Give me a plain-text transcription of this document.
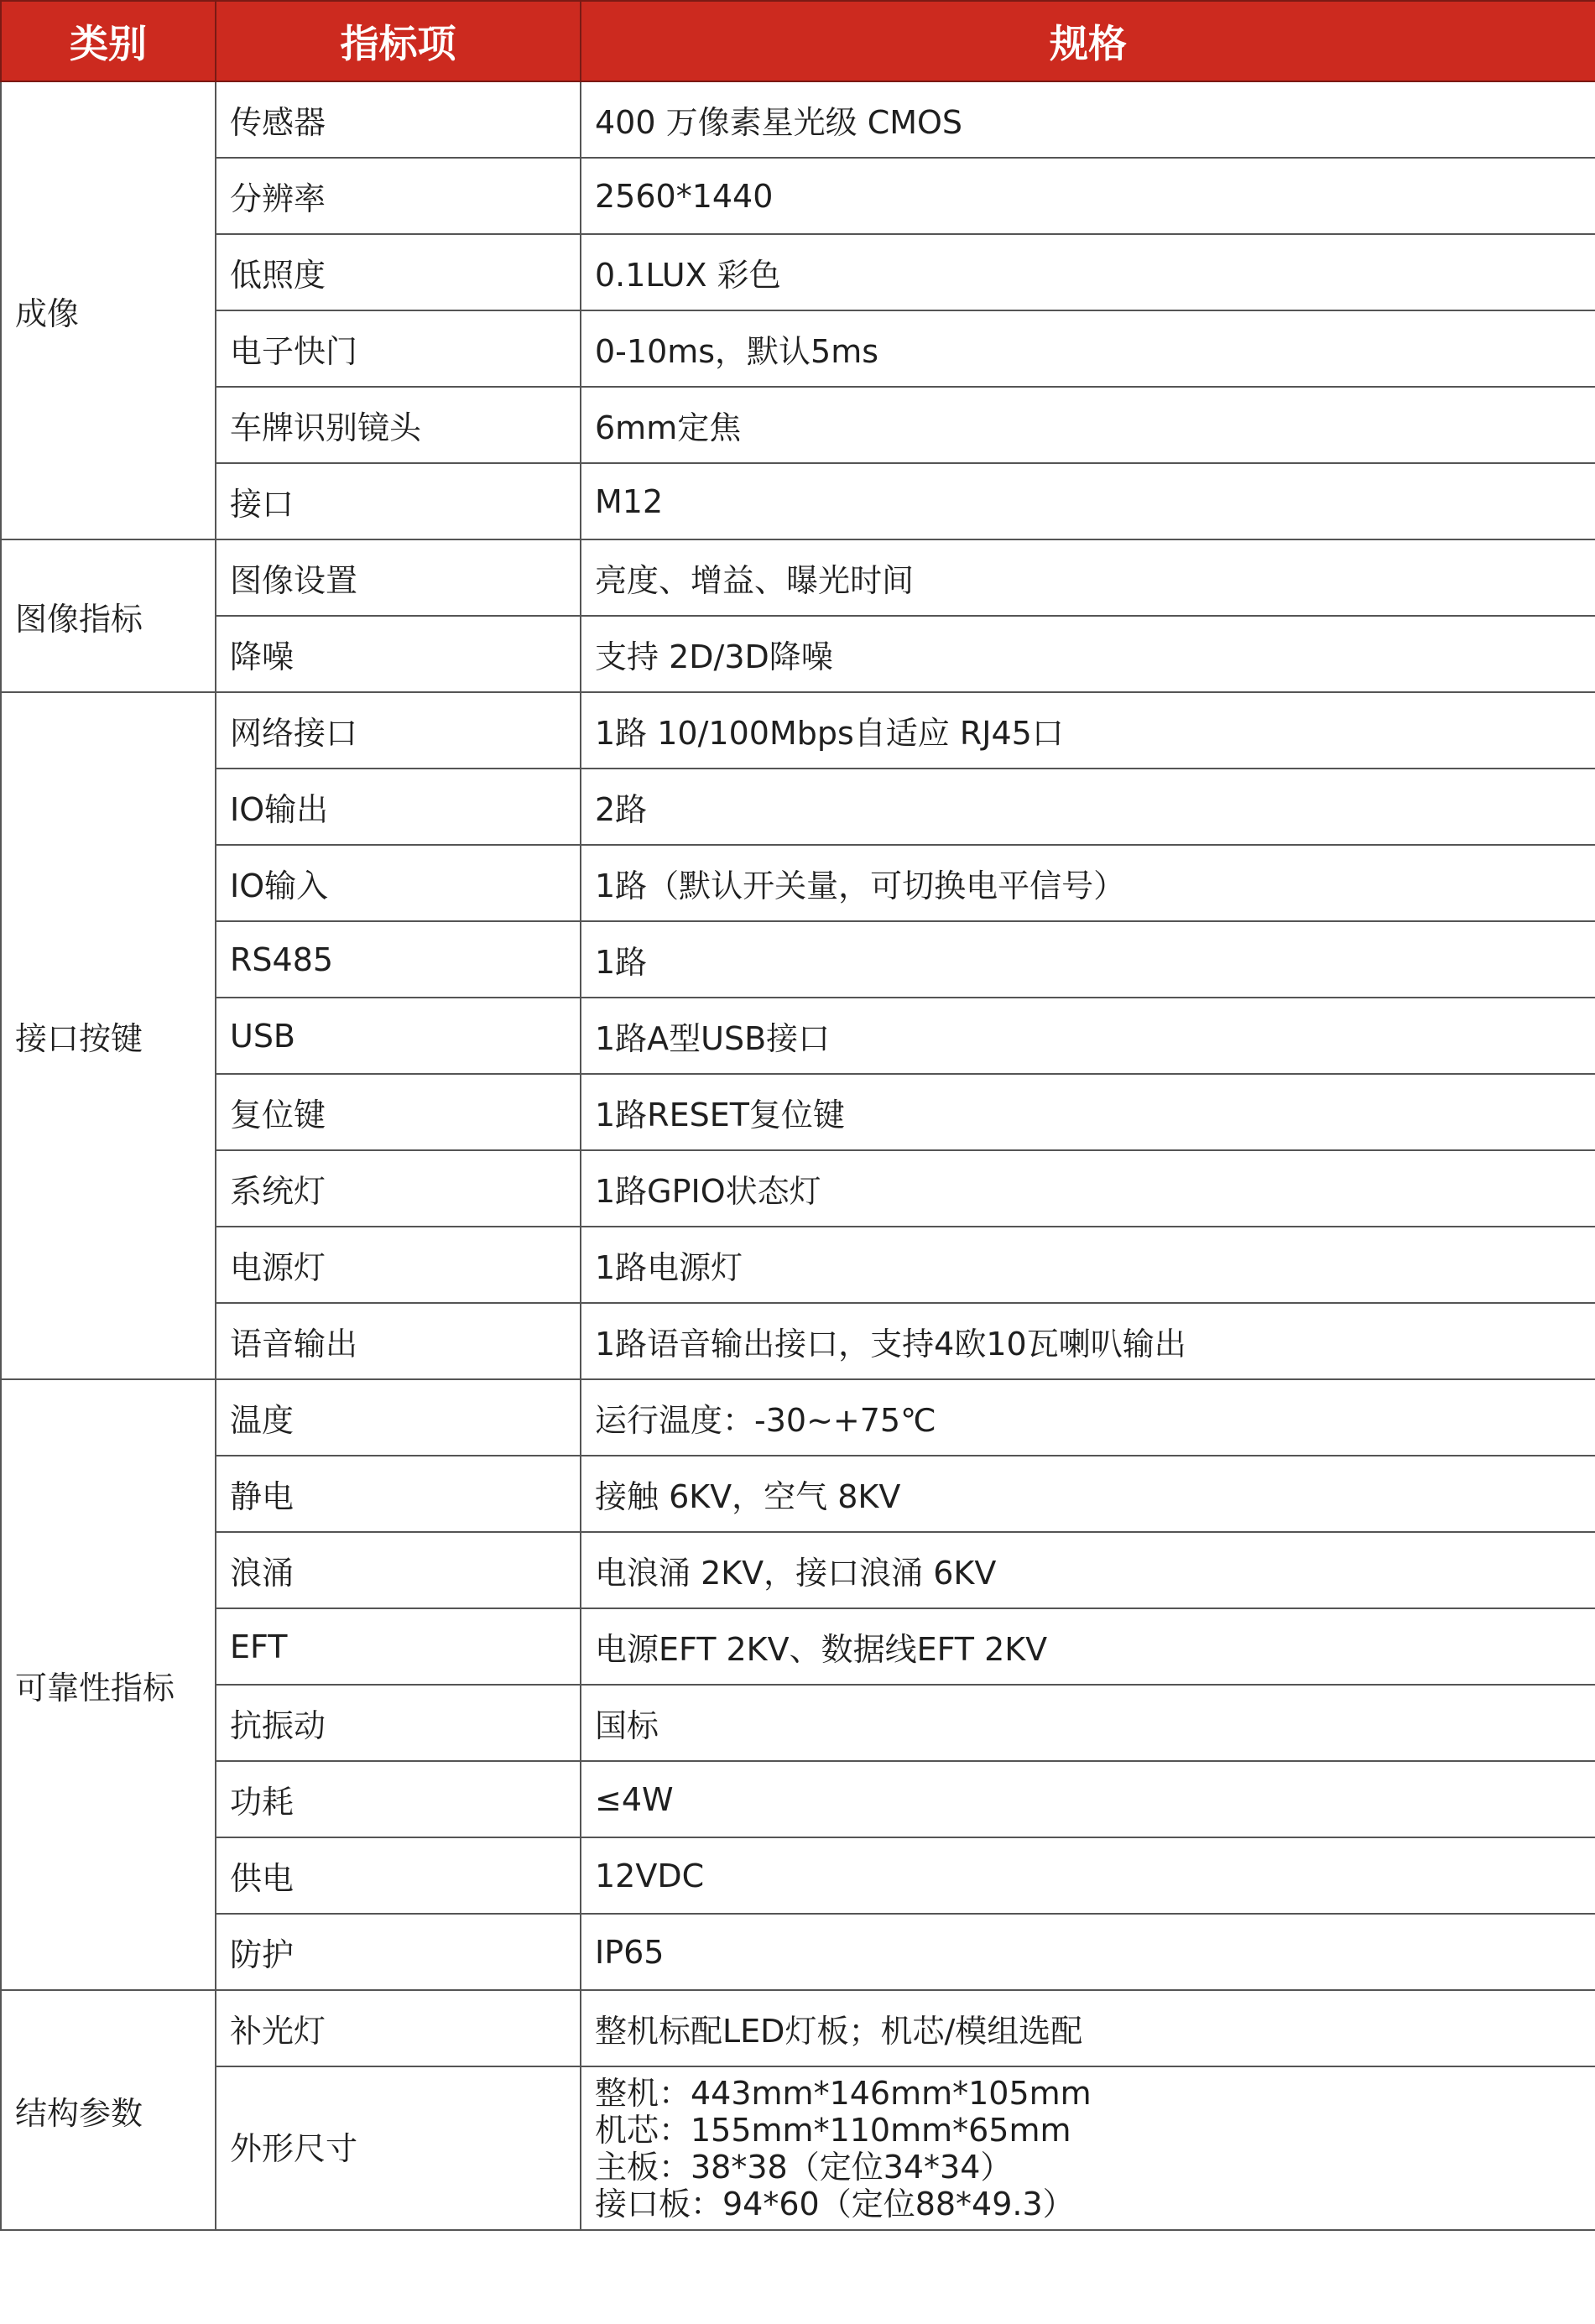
类别	指标项	规格
成像	传感器	400 万像素星光级 CMOS
	分辨率	2560*1440
	低照度	0.1LUX 彩色
	电子快门	0-10ms，默认5ms
	车牌识别镜头	6mm定焦
	接口	M12
图像指标	图像设置	亮度、增益、曝光时间
	降噪	支持 2D/3D降噪
接口按键	网络接口	1路 10/100Mbps自适应 RJ45口
	IO输出	2路
	IO输入	1路（默认开关量，可切换电平信号）
	RS485	1路
	USB	1路A型USB接口
	复位键	1路RESET复位键
	系统灯	1路GPIO状态灯
	电源灯	1路电源灯
	语音输出	1路语音输出接口，支持4欧10瓦喇叭输出
可靠性指标	温度	运行温度：-30~+75℃
	静电	接触 6KV，空气 8KV
	浪涌	电浪涌 2KV，接口浪涌 6KV
	EFT	电源EFT 2KV、数据线EFT 2KV
	抗振动	国标
	功耗	≤4W
	供电	12VDC
	防护	IP65
结构参数	补光灯	整机标配LED灯板；机芯/模组选配
	外形尺寸	整机：443mm*146mm*105mm
机芯：155mm*110mm*65mm
主板：38*38（定位34*34）
接口板：94*60（定位88*49.3）
